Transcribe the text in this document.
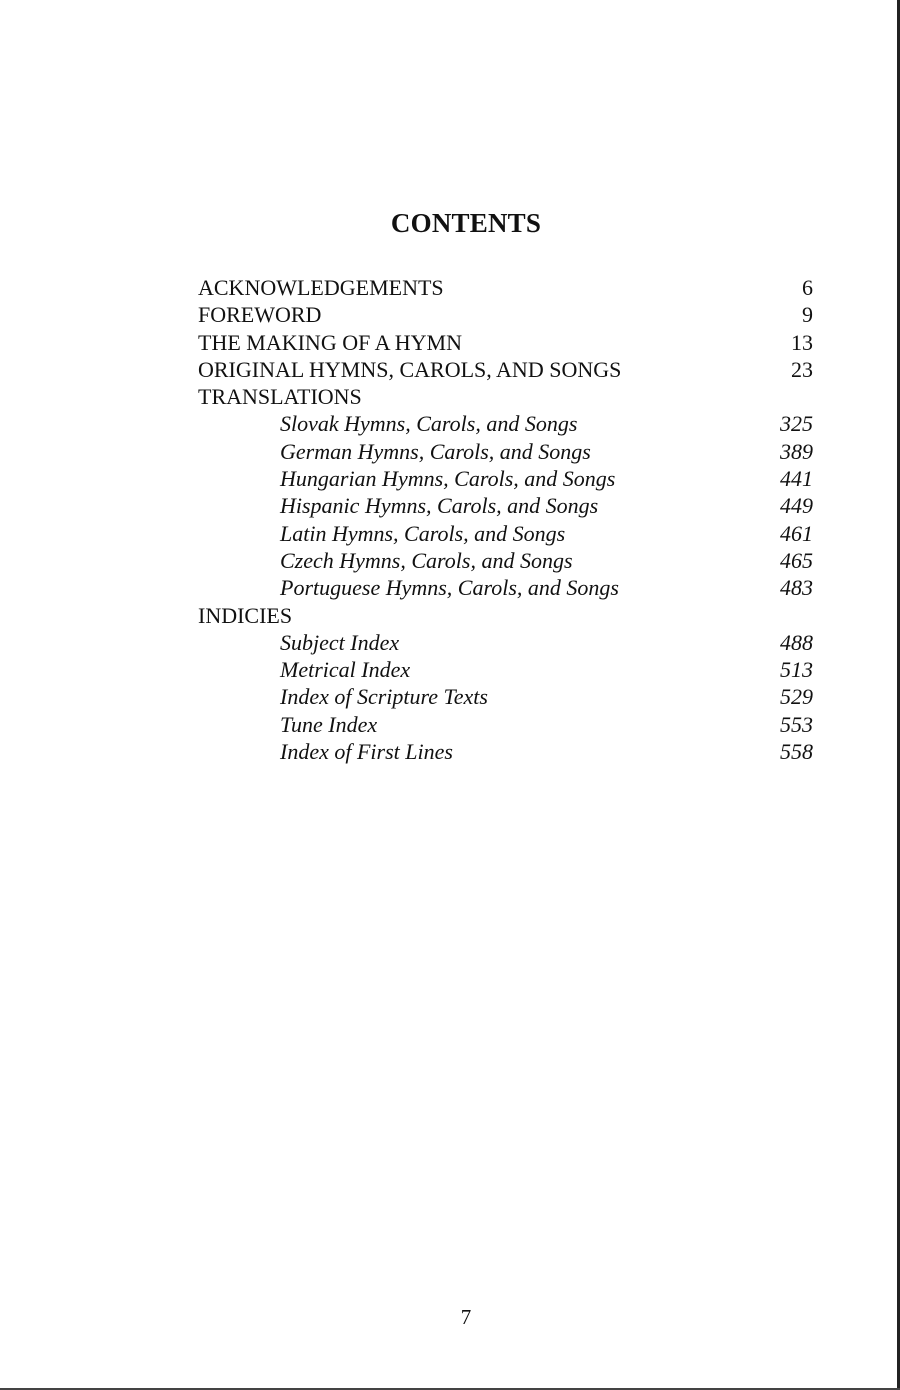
CONTENTS
ACKNOWLEDGEMENTS	6
FOREWORD	9
THE MAKING OF A HYMN	13
ORIGINAL HYMNS, CAROLS, AND SONGS	23
TRANSLATIONS
Slovak Hymns, Carols, and Songs	325
German Hymns, Carols, and Songs	389
Hungarian Hymns, Carols, and Songs	441
Hispanic Hymns, Carols, and Songs	449
Latin Hymns, Carols, and Songs	461
Czech Hymns, Carols, and Songs	465
Portuguese Hymns, Carols, and Songs	483
INDICIES
Subject Index	488
Metrical Index	513
Index of Scripture Texts	529
Tune Index	553
Index of First Lines	558
7
